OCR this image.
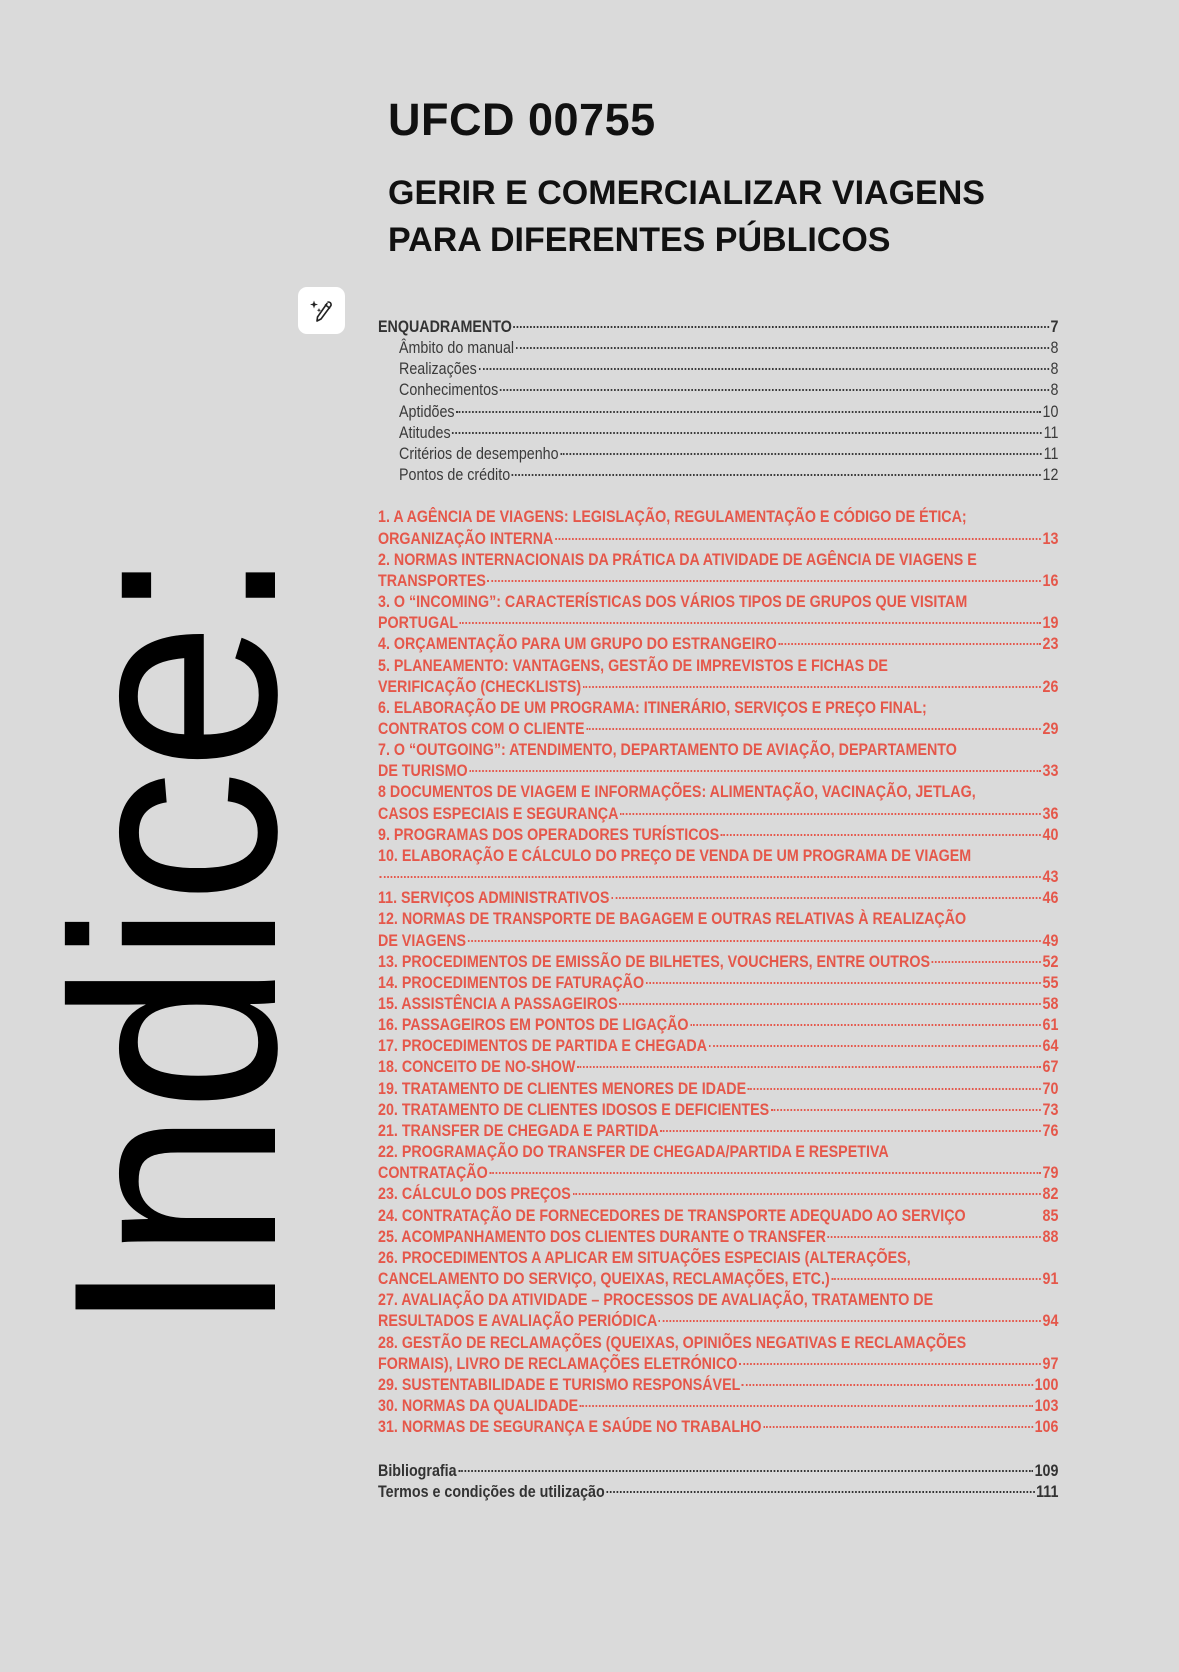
UFCD 00755
GERIR E COMERCIALIZAR VIAGENS
PARA DIFERENTES PÚBLICOS
Indice:
ENQUADRAMENTO	7
Âmbito do manual	8
Realizações	8
Conhecimentos	8
Aptidões	10
Atitudes	11
Critérios de desempenho	11
Pontos de crédito	12
1. A AGÊNCIA DE VIAGENS: LEGISLAÇÃO, REGULAMENTAÇÃO E CÓDIGO DE ÉTICA;
ORGANIZAÇÃO INTERNA	13
2. NORMAS INTERNACIONAIS DA PRÁTICA DA ATIVIDADE DE AGÊNCIA DE VIAGENS E
TRANSPORTES	16
3. O “INCOMING”: CARACTERÍSTICAS DOS VÁRIOS TIPOS DE GRUPOS QUE VISITAM
PORTUGAL	19
4. ORÇAMENTAÇÃO PARA UM GRUPO DO ESTRANGEIRO	23
5. PLANEAMENTO: VANTAGENS, GESTÃO DE IMPREVISTOS E FICHAS DE
VERIFICAÇÃO (CHECKLISTS)	26
6. ELABORAÇÃO DE UM PROGRAMA: ITINERÁRIO, SERVIÇOS E PREÇO FINAL;
CONTRATOS COM O CLIENTE	29
7. O “OUTGOING”: ATENDIMENTO, DEPARTAMENTO DE AVIAÇÃO, DEPARTAMENTO
DE TURISMO	33
8 DOCUMENTOS DE VIAGEM E INFORMAÇÕES: ALIMENTAÇÃO, VACINAÇÃO, JETLAG,
CASOS ESPECIAIS E SEGURANÇA	36
9. PROGRAMAS DOS OPERADORES TURÍSTICOS	40
10. ELABORAÇÃO E CÁLCULO DO PREÇO DE VENDA DE UM PROGRAMA DE VIAGEM
43
11. SERVIÇOS ADMINISTRATIVOS	46
12. NORMAS DE TRANSPORTE DE BAGAGEM E OUTRAS RELATIVAS À REALIZAÇÃO
DE VIAGENS	49
13. PROCEDIMENTOS DE EMISSÃO DE BILHETES, VOUCHERS, ENTRE OUTROS	52
14. PROCEDIMENTOS DE FATURAÇÃO	55
15. ASSISTÊNCIA A PASSAGEIROS	58
16. PASSAGEIROS EM PONTOS DE LIGAÇÃO	61
17. PROCEDIMENTOS DE PARTIDA E CHEGADA	64
18. CONCEITO DE NO-SHOW	67
19. TRATAMENTO DE CLIENTES MENORES DE IDADE	70
20. TRATAMENTO DE CLIENTES IDOSOS E DEFICIENTES	73
21. TRANSFER DE CHEGADA E PARTIDA	76
22. PROGRAMAÇÃO DO TRANSFER DE CHEGADA/PARTIDA E RESPETIVA
CONTRATAÇÃO	79
23. CÁLCULO DOS PREÇOS	82
24. CONTRATAÇÃO DE FORNECEDORES DE TRANSPORTE ADEQUADO AO SERVIÇO	85
25. ACOMPANHAMENTO DOS CLIENTES DURANTE O TRANSFER	88
26. PROCEDIMENTOS A APLICAR EM SITUAÇÕES ESPECIAIS (ALTERAÇÕES,
CANCELAMENTO DO SERVIÇO, QUEIXAS, RECLAMAÇÕES, ETC.)	91
27. AVALIAÇÃO DA ATIVIDADE – PROCESSOS DE AVALIAÇÃO, TRATAMENTO DE
RESULTADOS E AVALIAÇÃO PERIÓDICA	94
28. GESTÃO DE RECLAMAÇÕES (QUEIXAS, OPINIÕES NEGATIVAS E RECLAMAÇÕES
FORMAIS), LIVRO DE RECLAMAÇÕES ELETRÓNICO	97
29. SUSTENTABILIDADE E TURISMO RESPONSÁVEL	100
30. NORMAS DA QUALIDADE	103
31. NORMAS DE SEGURANÇA E SAÚDE NO TRABALHO	106
Bibliografia	109
Termos e condições de utilização	111
